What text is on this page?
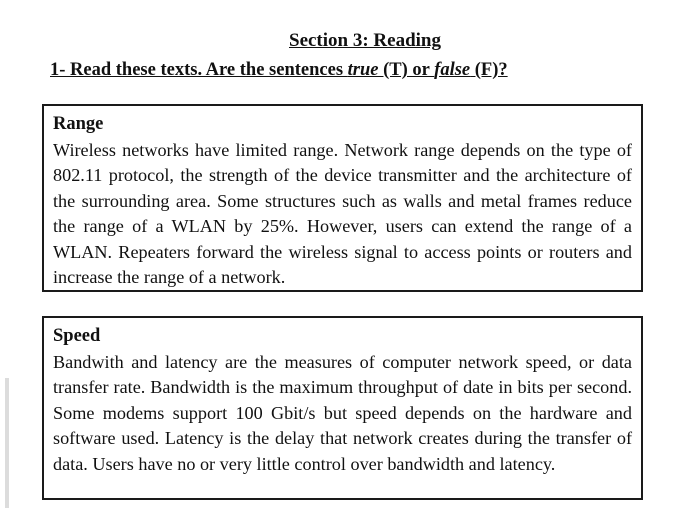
Section 3: Reading

1- Read these texts. Are the sentences true (T) or false (F)?

Range

Wireless networks have limited range. Network range depends on the type of 802.11 protocol, the strength of the device transmitter and the architecture of the surrounding area. Some structures such as walls and metal frames reduce the range of a WLAN by 25%. However, users can extend the range of a WLAN. Repeaters forward the wireless signal to access points or routers and increase the range of a network.

Speed

Bandwith and latency are the measures of computer network speed, or data transfer rate. Bandwidth is the maximum throughput of date in bits per second. Some modems support 100 Gbit/s but speed depends on the hardware and software used. Latency is the delay that network creates during the transfer of data. Users have no or very little control over bandwidth and latency.
